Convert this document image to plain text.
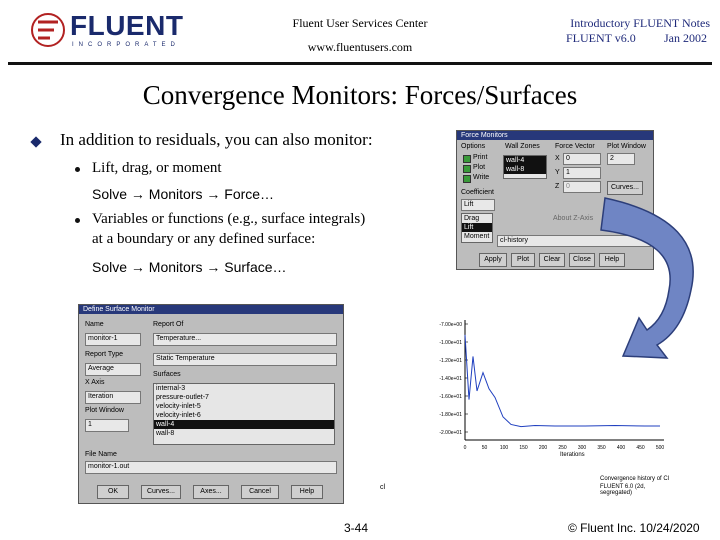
FLUENT
INCORPORATED
Fluent User Services Center
www.fluentusers.com
Introductory FLUENT Notes
FLUENT v6.0 Jan 2002
Convergence Monitors: Forces/Surfaces
In addition to residuals, you can also monitor:
Lift, drag, or moment
Solve → Monitors → Force…
Variables or functions (e.g., surface integrals)
at a boundary or any defined surface:
Solve → Monitors → Surface…
Force Monitors
Options	Wall Zones Force Vector Plot Window
Print
Plot
Write
wall-4
wall-8
X 0
Y 1
Z 0
2
Curves...
Coefficient
Lift
Drag
Lift
Moment
About Z-Axis
cl-history
Apply	Plot	Clear	Close	Help
Define Surface Monitor
Name
monitor-1
Report Of
Temperature...
Report Type
Average
Static Temperature
Surfaces
X Axis
Iteration
Plot Window
1
internal-3
pressure-outlet-7
velocity-inlet-5
velocity-inlet-6
wall-4
wall-8
File Name
monitor-1.out
OK	Curves...	Axes...	Cancel	Help
cl
-7.00e+00
-1.00e+01
-1.20e+01
-1.40e+01
-1.60e+01
-1.80e+01
-2.00e+01
0	50	100 150 200 250 300 350 400 450 500
Iterations
Convergence history of Cl
FLUENT 6.0 (2d, segregated)
3-44	© Fluent Inc. 10/24/2020
